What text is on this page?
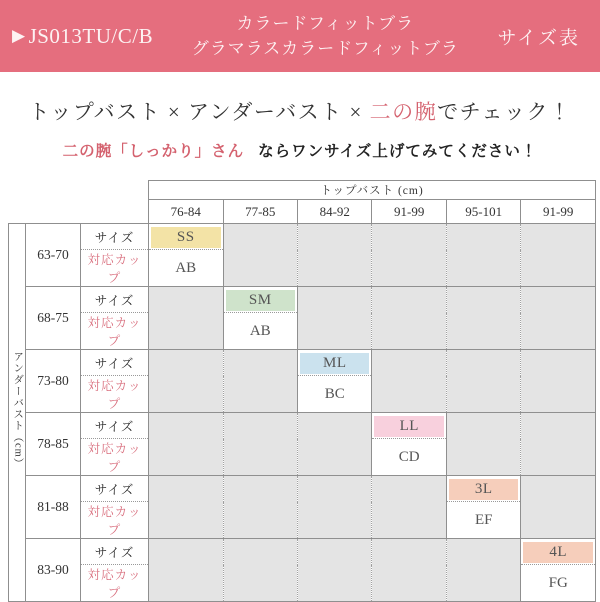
▶ JS013TU/C/B	カラードフィットブラ
グラマラスカラードフィットブラ	サイズ表
トップバスト × アンダーバスト × 二の腕でチェック！
二の腕「しっかり」さん ならワンサイズ上げてみてください！
			トップバスト (cm)					
			76-84	77-85	84-92	91-99	95-101	91-99
アンダーバスト（cm）	63-70	サイズ	SS					

		対応カップ	AB					
	68-75	サイズ		SM				

		対応カップ		AB				
	73-80	サイズ			ML			

		対応カップ			BC			
	78-85	サイズ				LL		

		対応カップ				CD		
	81-88	サイズ					3L	

		対応カップ					EF	
	83-90	サイズ						4L

		対応カップ						FG
